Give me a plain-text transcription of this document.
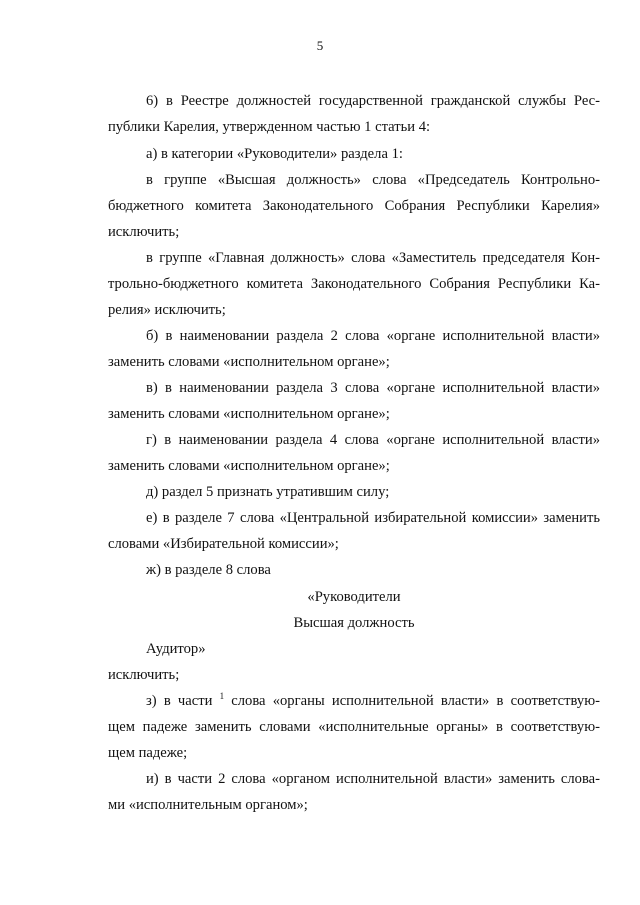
5
6) в Реестре должностей государственной гражданской службы Рес-
публики Карелия, утвержденном частью 1 статьи 4:
а) в категории «Руководители» раздела 1:
в группе «Высшая должность» слова «Председатель Контрольно-
бюджетного комитета Законодательного Собрания Республики Карелия»
исключить;
в группе «Главная должность» слова «Заместитель председателя Кон-
трольно-бюджетного комитета Законодательного Собрания Республики Ка-
релия» исключить;
б) в наименовании раздела 2 слова «органе исполнительной власти»
заменить словами «исполнительном органе»;
в) в наименовании раздела 3 слова «органе исполнительной власти»
заменить словами «исполнительном органе»;
г) в наименовании раздела 4 слова «органе исполнительной власти»
заменить словами «исполнительном органе»;
д) раздел 5 признать утратившим силу;
е) в разделе 7 слова «Центральной избирательной комиссии» заменить
словами «Избирательной комиссии»;
ж) в разделе 8 слова
«Руководители
Высшая должность
Аудитор»
исключить;
з) в части $^1$ слова «органы исполнительной власти» в соответствую-
щем падеже заменить словами «исполнительные органы» в соответствую-
щем падеже;
и) в части 2 слова «органом исполнительной власти» заменить слова-
ми «исполнительным органом»;
